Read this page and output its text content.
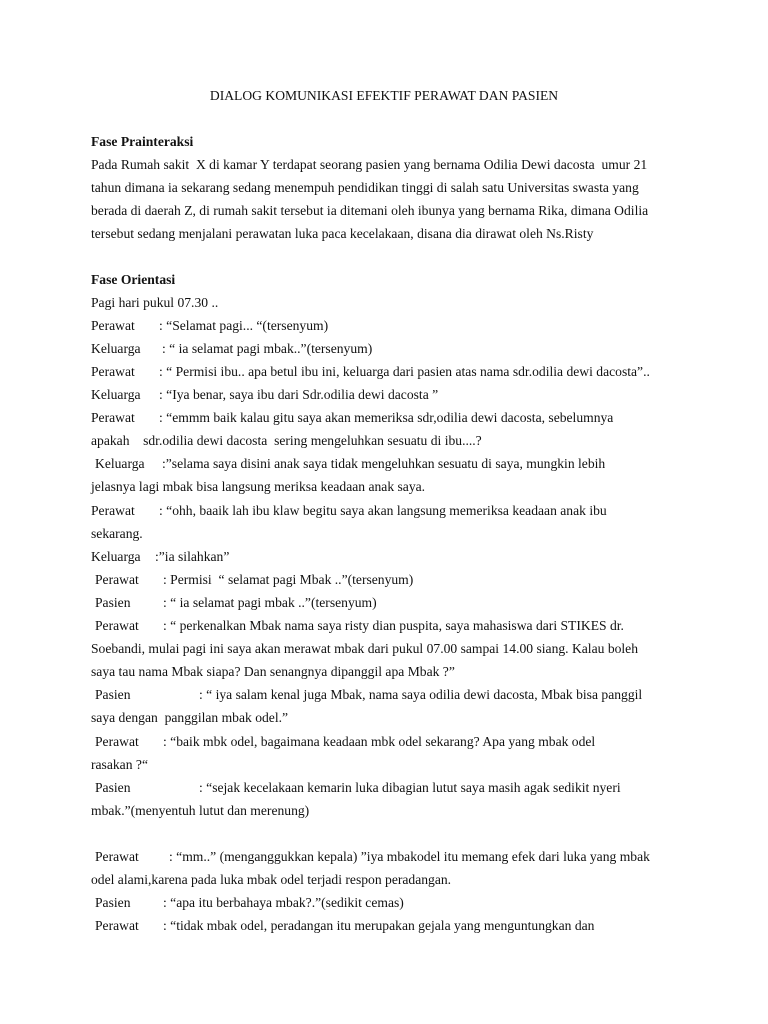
DIALOG KOMUNIKASI EFEKTIF PERAWAT DAN PASIEN
Fase Prainteraksi
Pada Rumah sakit  X di kamar Y terdapat seorang pasien yang bernama Odilia Dewi dacosta  umur 21
tahun dimana ia sekarang sedang menempuh pendidikan tinggi di salah satu Universitas swasta yang
berada di daerah Z, di rumah sakit tersebut ia ditemani oleh ibunya yang bernama Rika, dimana Odilia
tersebut sedang menjalani perawatan luka paca kecelakaan, disana dia dirawat oleh Ns.Risty
Fase Orientasi
Pagi hari pukul 07.30 ..
Perawat : “Selamat pagi... “(tersenyum)
Keluarga : “ ia selamat pagi mbak..”(tersenyum)
Perawat : “ Permisi ibu.. apa betul ibu ini, keluarga dari pasien atas nama sdr.odilia dewi dacosta”..
Keluarga : “Iya benar, saya ibu dari Sdr.odilia dewi dacosta ”
Perawat : “emmm baik kalau gitu saya akan memeriksa sdr,odilia dewi dacosta, sebelumnya
apakah    sdr.odilia dewi dacosta  sering mengeluhkan sesuatu di ibu....?
Keluarga :”selama saya disini anak saya tidak mengeluhkan sesuatu di saya, mungkin lebih
jelasnya lagi mbak bisa langsung meriksa keadaan anak saya.
Perawat : “ohh, baaik lah ibu klaw begitu saya akan langsung memeriksa keadaan anak ibu
sekarang.
Keluarga :”ia silahkan”
Perawat : Permisi  “ selamat pagi Mbak ..”(tersenyum)
Pasien : “ ia selamat pagi mbak ..”(tersenyum)
Perawat : “ perkenalkan Mbak nama saya risty dian puspita, saya mahasiswa dari STIKES dr.
Soebandi, mulai pagi ini saya akan merawat mbak dari pukul 07.00 sampai 14.00 siang. Kalau boleh
saya tau nama Mbak siapa? Dan senangnya dipanggil apa Mbak ?”
Pasien	: “ iya salam kenal juga Mbak, nama saya odilia dewi dacosta, Mbak bisa panggil
saya dengan  panggilan mbak odel.”
Perawat : “baik mbk odel, bagaimana keadaan mbk odel sekarang? Apa yang mbak odel
rasakan ?“
Pasien	: “sejak kecelakaan kemarin luka dibagian lutut saya masih agak sedikit nyeri
mbak.”(menyentuh lutut dan merenung)
Perawat : “mm..” (menganggukkan kepala) ”iya mbakodel itu memang efek dari luka yang mbak
odel alami,karena pada luka mbak odel terjadi respon peradangan.
Pasien : “apa itu berbahaya mbak?.”(sedikit cemas)
Perawat : “tidak mbak odel, peradangan itu merupakan gejala yang menguntungkan dan
